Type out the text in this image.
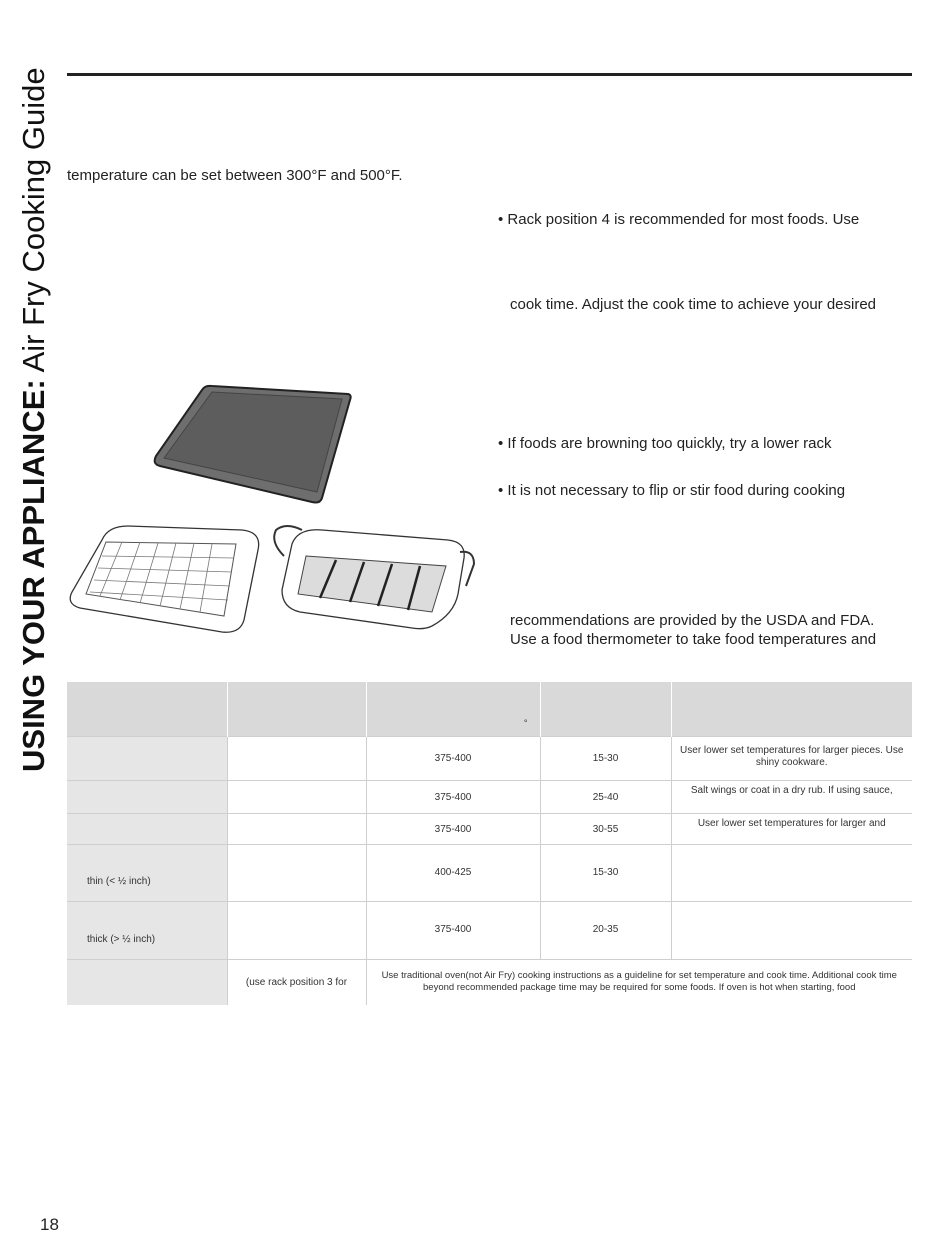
USING YOUR APPLIANCE: Air Fry Cooking Guide temperature can be set between 300°F and 500°F.
• Rack position 4 is recommended for most foods. Use
cook time. Adjust the cook time to achieve your desired
• If foods are browning too quickly, try a lower rack
• It is not necessary to flip or stir food during cooking
recommendations are provided by the USDA and FDA.
Use a food thermometer to take food temperatures and
		°		
		375-400	15-30	User lower set temperatures for larger pieces. Use shiny cookware.
		375-400	25-40	Salt wings or coat in a dry rub. If using sauce,
		375-400	30-55	User lower set temperatures for larger and
thin (< ½ inch)		400-425	15-30	
thick (> ½ inch)		375-400	20-35	
	(use rack position 3 for	Use traditional oven(not Air Fry) cooking instructions as a guideline for set temperature and cook time. Additional cook time beyond recommended package time may be required for some foods. If oven is hot when starting, food		
18
